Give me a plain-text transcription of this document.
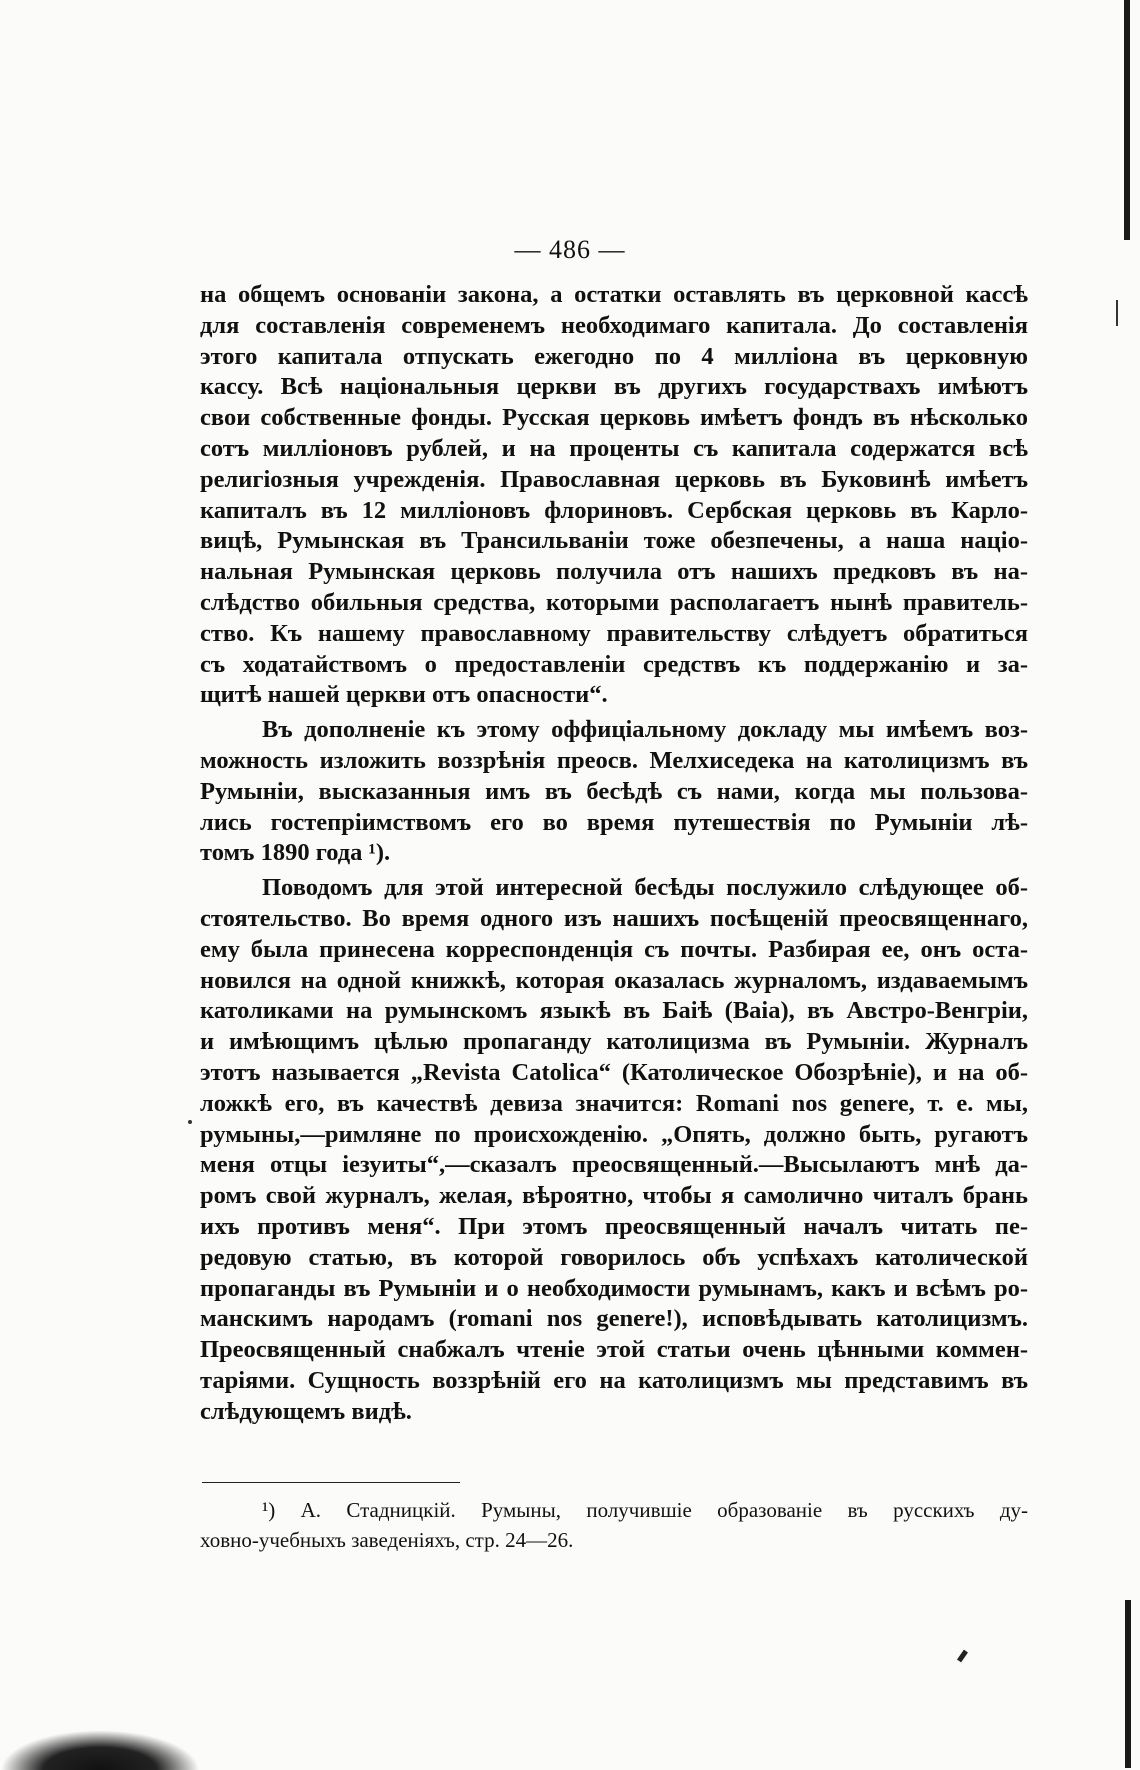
— 486 —
на общемъ основаніи закона, а остатки оставлять въ церковной кассѣ
для составленія современемъ необходимаго капитала. До составленія
этого капитала отпускать ежегодно по 4 милліона въ церковную
кассу. Всѣ національныя церкви въ другихъ государствахъ имѣютъ
свои собственные фонды. Русская церковь имѣетъ фондъ въ нѣсколько
сотъ милліоновъ рублей, и на проценты съ капитала содержатся всѣ
религіозныя учрежденія. Православная церковь въ Буковинѣ имѣетъ
капиталъ въ 12 милліоновъ флориновъ. Сербская церковь въ Карло-
вицѣ, Румынская въ Трансильваніи тоже обезпечены, а наша націо-
нальная Румынская церковь получила отъ нашихъ предковъ въ на-
слѣдство обильныя средства, которыми располагаетъ нынѣ правитель-
ство. Къ нашему православному правительству слѣдуетъ обратиться
съ ходатайствомъ о предоставленіи средствъ къ поддержанію и за-
щитѣ нашей церкви отъ опасности“.
Въ дополненіе къ этому оффиціальному докладу мы имѣемъ воз-
можность изложить воззрѣнія преосв. Мелхиседека на католицизмъ въ
Румыніи, высказанныя имъ въ бесѣдѣ съ нами, когда мы пользова-
лись гостепріимствомъ его во время путешествія по Румыніи лѣ-
томъ 1890 года ¹).
Поводомъ для этой интересной бесѣды послужило слѣдующее об-
стоятельство. Во время одного изъ нашихъ посѣщеній преосвященнаго,
ему была принесена корреспонденція съ почты. Разбирая ее, онъ оста-
новился на одной книжкѣ, которая оказалась журналомъ, издаваемымъ
католиками на румынскомъ языкѣ въ Баіѣ (Baia), въ Австро-Венгріи,
и имѣющимъ цѣлью пропаганду католицизма въ Румыніи. Журналъ
этотъ называется „Revista Catolica“ (Католическое Обозрѣніе), и на об-
ложкѣ его, въ качествѣ девиза значится: Romani nos genere, т. е. мы,
румыны,—римляне по происхожденію. „Опять, должно быть, ругаютъ
меня отцы іезуиты“,—сказалъ преосвященный.—Высылаютъ мнѣ да-
ромъ свой журналъ, желая, вѣроятно, чтобы я самолично читалъ брань
ихъ противъ меня“. При этомъ преосвященный началъ читать пе-
редовую статью, въ которой говорилось объ успѣхахъ католической
пропаганды въ Румыніи и о необходимости румынамъ, какъ и всѣмъ ро-
манскимъ народамъ (romani nos genere!), исповѣдывать католицизмъ.
Преосвященный снабжалъ чтеніе этой статьи очень цѣнными коммен-
таріями. Сущность воззрѣній его на католицизмъ мы представимъ въ
слѣдующемъ видѣ.
¹) А. Стадницкій. Румыны, получившіе образованіе въ русскихъ ду-
ховно-учебныхъ заведеніяхъ, стр. 24—26.
